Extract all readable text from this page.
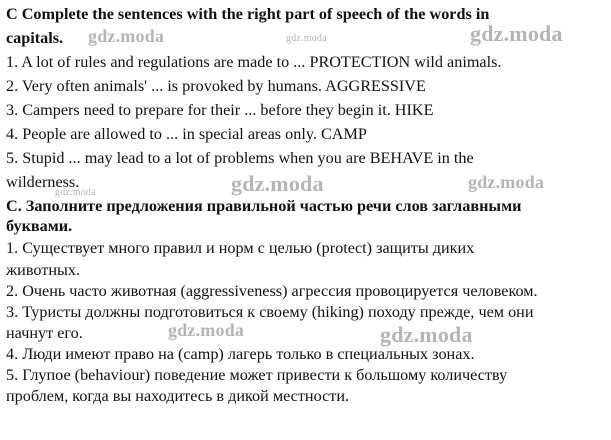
gdz.moda	gdz.moda	gdz.moda
gdz.moda	gdz.moda
gdz.moda
gdz.moda	gdz.moda
C Complete the sentences with the right part of speech of the words in
capitals.
1. A lot of rules and regulations are made to ... PROTECTION wild animals.
2. Very often animals' ... is provoked by humans. AGGRESSIVE
3. Campers need to prepare for their ... before they begin it. HIKE
4. People are allowed to ... in special areas only. CAMP
5. Stupid ... may lead to a lot of problems when you are BEHAVE in the
wilderness.
С. Заполните предложения правильной частью речи слов заглавными
буквами.
1. Существует много правил и норм с целью (protect) защиты диких
животных.
2. Очень часто животная (aggressiveness) агрессия провоцируется человеком.
3. Туристы должны подготовиться к своему (hiking) походу прежде, чем они
начнут его.
4. Люди имеют право на (camp) лагерь только в специальных зонах.
5. Глупое (behaviour) поведение может привести к большому количеству
проблем, когда вы находитесь в дикой местности.
